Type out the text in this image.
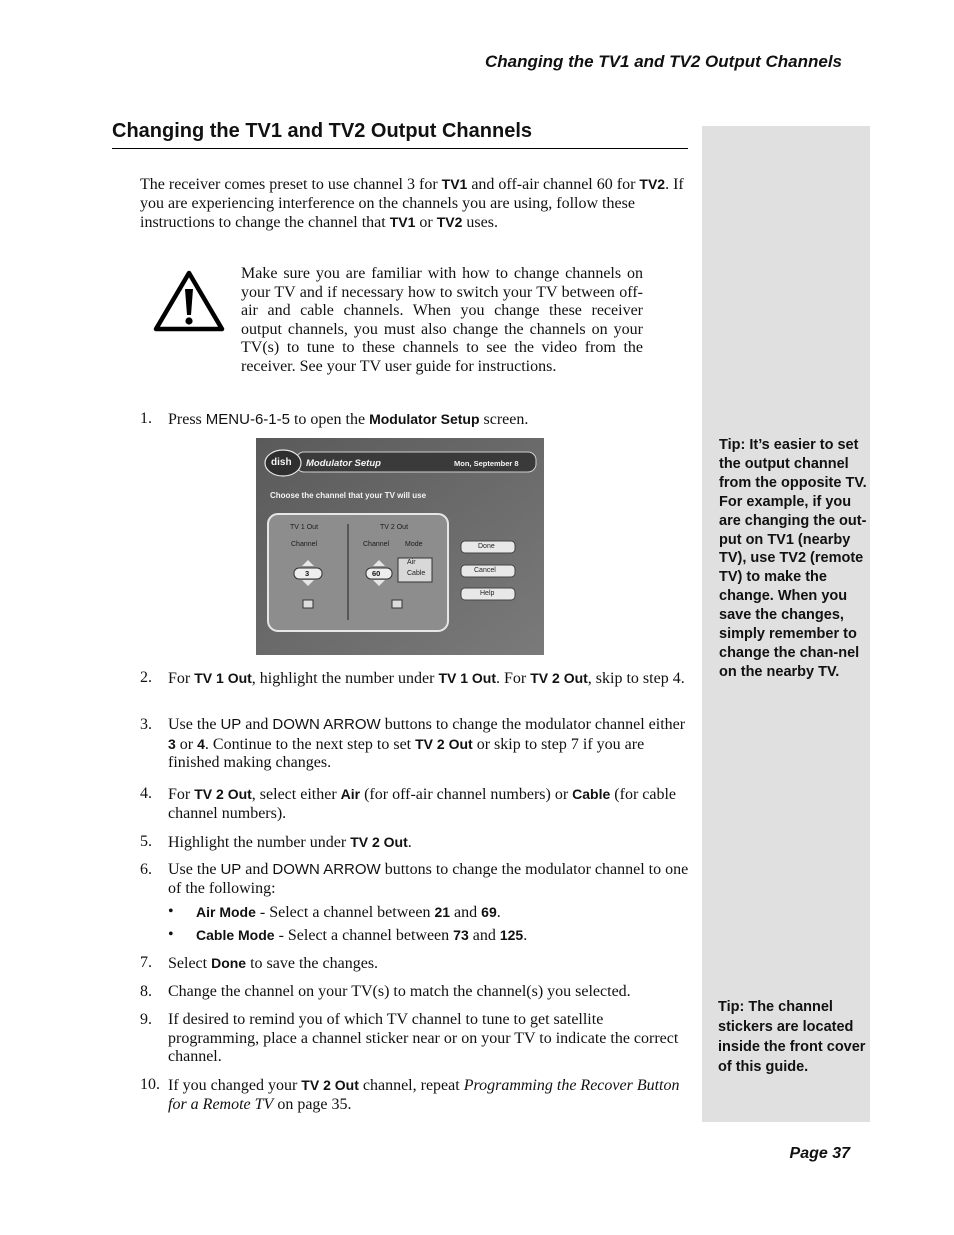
Changing the TV1 and TV2 Output Channels
Tip: It’s easier to set the output channel from the opposite TV. For example, if you are changing the out-put on TV1 (nearby TV), use TV2 (remote TV) to make the change. When you save the changes, simply remember to change the chan-nel on the nearby TV.
Tip: The channel stickers are located inside the front cover of this guide.
Changing the TV1 and TV2 Output Channels
The receiver comes preset to use channel 3 for TV1 and off-air channel 60 for TV2. If you are experiencing interference on the channels you are using, follow these instructions to change the channel that TV1 or TV2 uses.
Make sure you are familiar with how to change channels on your TV and if necessary how to switch your TV between off-air and cable channels. When you change these receiver output channels, you must also change the channels on your TV(s) to tune to these channels to see the video from the receiver. See your TV user guide for instructions.
1. Press MENU-6-1-5 to open the Modulator Setup screen.
dish Modulator Setup	Mon, September 8
Choose the channel that your TV will use
TV 1 Out	TV 2 Out
Channel	Channel Mode
3	60
Air
Cable
Done
Cancel
Help
2. For TV 1 Out, highlight the number under TV 1 Out. For TV 2 Out, skip to step 4.
3. Use the UP and DOWN ARROW buttons to change the modulator channel either 3 or 4. Continue to the next step to set TV 2 Out or skip to step 7 if you are finished making changes.
4. For TV 2 Out, select either Air (for off-air channel numbers) or Cable (for cable channel numbers).
5. Highlight the number under TV 2 Out.
6. Use the UP and DOWN ARROW buttons to change the modulator channel to one of the following:
• Air Mode - Select a channel between 21 and 69.
• Cable Mode - Select a channel between 73 and 125.
7. Select Done to save the changes.
8. Change the channel on your TV(s) to match the channel(s) you selected.
9. If desired to remind you of which TV channel to tune to get satellite programming, place a channel sticker near or on your TV to indicate the correct channel.
10. If you changed your TV 2 Out channel, repeat Programming the Recover Button for a Remote TV on page 35.
Page 37
